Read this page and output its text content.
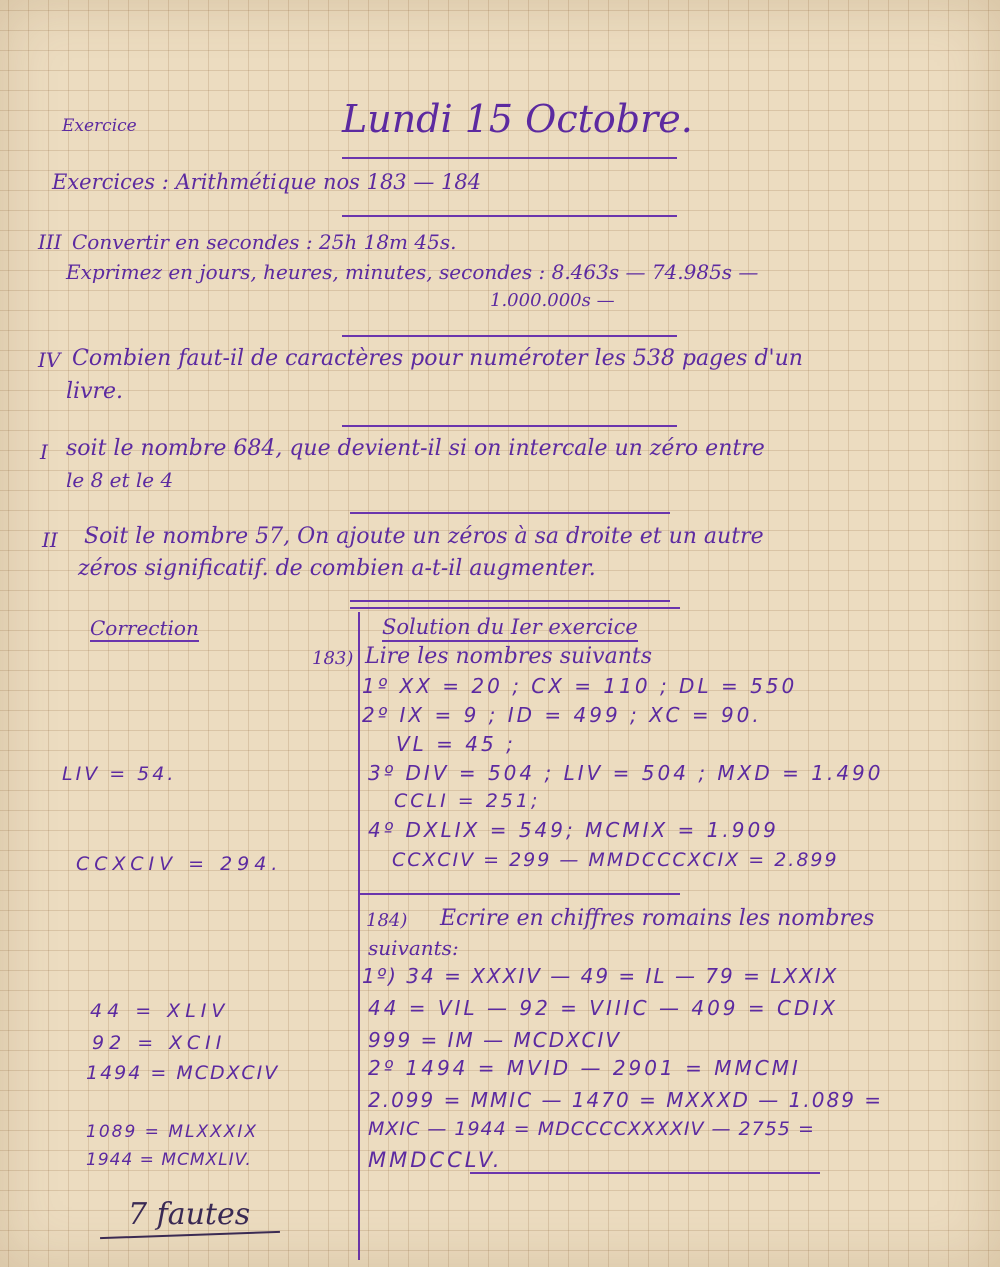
Exercice	Lundi 15 Octobre.
Exercices : Arithmétique nos 183 — 184
III Convertir en secondes : 25h 18m 45s.
Exprimez en jours, heures, minutes, secondes : 8.463s — 74.985s —
1.000.000s —
IV Combien faut-il de caractères pour numéroter les 538 pages d'un
livre.
I soit le nombre 684, que devient-il si on intercale un zéro entre
le 8 et le 4
II Soit le nombre 57, On ajoute un zéros à sa droite et un autre
zéros significatif. de combien a-t-il augmenter.
Correction
LIV = 54.
CCXCIV = 294.
44 = XLIV
92 = XCII
1494 = MCDXCIV
1089 = MLXXXIX
1944 = MCMXLIV.
7 fautes
Solution du Ier exercice
183) Lire les nombres suivants
1º XX = 20 ; CX = 110 ; DL = 550
2º IX = 9 ; ID = 499 ; XC = 90.
VL = 45 ;
3º DIV = 504 ; LIV = 504 ; MXD = 1.490
CCLI = 251;
4º DXLIX = 549; MCMIX = 1.909
CCXCIV = 299 — MMDCCCXCIX = 2.899
184) Ecrire en chiffres romains les nombres
suivants:
1º) 34 = XXXIV — 49 = IL — 79 = LXXIX
44 = VIL — 92 = VIIIC — 409 = CDIX
999 = IM — MCDXCIV
2º 1494 = MVID — 2901 = MMCMI
2.099 = MMIC — 1470 = MXXXD — 1.089 =
MXIC — 1944 = MDCCCCXXXXIV — 2755 =
MMDCCLV.
